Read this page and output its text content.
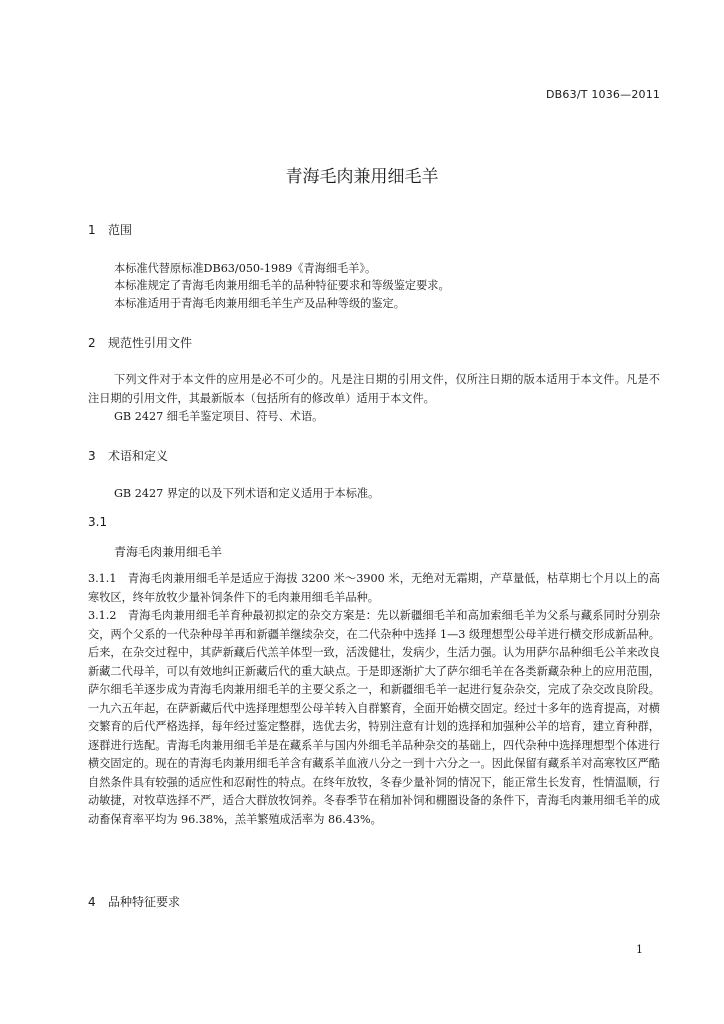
DB63/T 1036—2011
青海毛肉兼用细毛羊
1 范围
本标准代替原标准DB63/050-1989《青海细毛羊》。
本标准规定了青海毛肉兼用细毛羊的品种特征要求和等级鉴定要求。
本标准适用于青海毛肉兼用细毛羊生产及品种等级的鉴定。
2 规范性引用文件

下列文件对于本文件的应用是必不可少的。凡是注日期的引用文件，仅所注日期的版本适用于本文件。凡是不注日期的引用文件，其最新版本（包括所有的修改单）适用于本文件。

GB 2427 细毛羊鉴定项目、符号、术语。

3 术语和定义
GB 2427 界定的以及下列术语和定义适用于本标准。
3.1
青海毛肉兼用细毛羊

3.1.1　青海毛肉兼用细毛羊是适应于海拔 3200 米～3900 米，无绝对无霜期，产草量低，枯草期七个月以上的高寒牧区，终年放牧少量补饲条件下的毛肉兼用细毛羊品种。

3.1.2　青海毛肉兼用细毛羊育种最初拟定的杂交方案是：先以新疆细毛羊和高加索细毛羊为父系与藏系同时分别杂交，两个父系的一代杂种母羊再和新疆羊继续杂交，在二代杂种中选择 1—3 级理想型公母羊进行横交形成新品种。后来，在杂交过程中，其萨新藏后代羔羊体型一致，活泼健壮，发病少，生活力强。认为用萨尔品种细毛公羊来改良新藏二代母羊，可以有效地纠正新藏后代的重大缺点。于是即逐渐扩大了萨尔细毛羊在各类新藏杂种上的应用范围，萨尔细毛羊逐步成为青海毛肉兼用细毛羊的主要父系之一，和新疆细毛羊一起进行复杂杂交，完成了杂交改良阶段。一九六五年起，在萨新藏后代中选择理想型公母羊转入自群繁育，全面开始横交固定。经过十多年的选育提高，对横交繁育的后代严格选择，每年经过鉴定整群，选优去劣，特别注意有计划的选择和加强种公羊的培育，建立育种群，逐群进行选配。青海毛肉兼用细毛羊是在藏系羊与国内外细毛羊品种杂交的基础上，四代杂种中选择理想型个体进行横交固定的。现在的青海毛肉兼用细毛羊含有藏系羊血液八分之一到十六分之一。因此保留有藏系羊对高寒牧区严酷自然条件具有较强的适应性和忍耐性的特点。在终年放牧，冬春少量补饲的情况下，能正常生长发育，性情温顺，行动敏捷，对牧草选择不严，适合大群放牧饲养。冬春季节在稍加补饲和棚圈设备的条件下，青海毛肉兼用细毛羊的成动畜保育率平均为 96.38%，羔羊繁殖成活率为 86.43%。

4 品种特征要求
1
